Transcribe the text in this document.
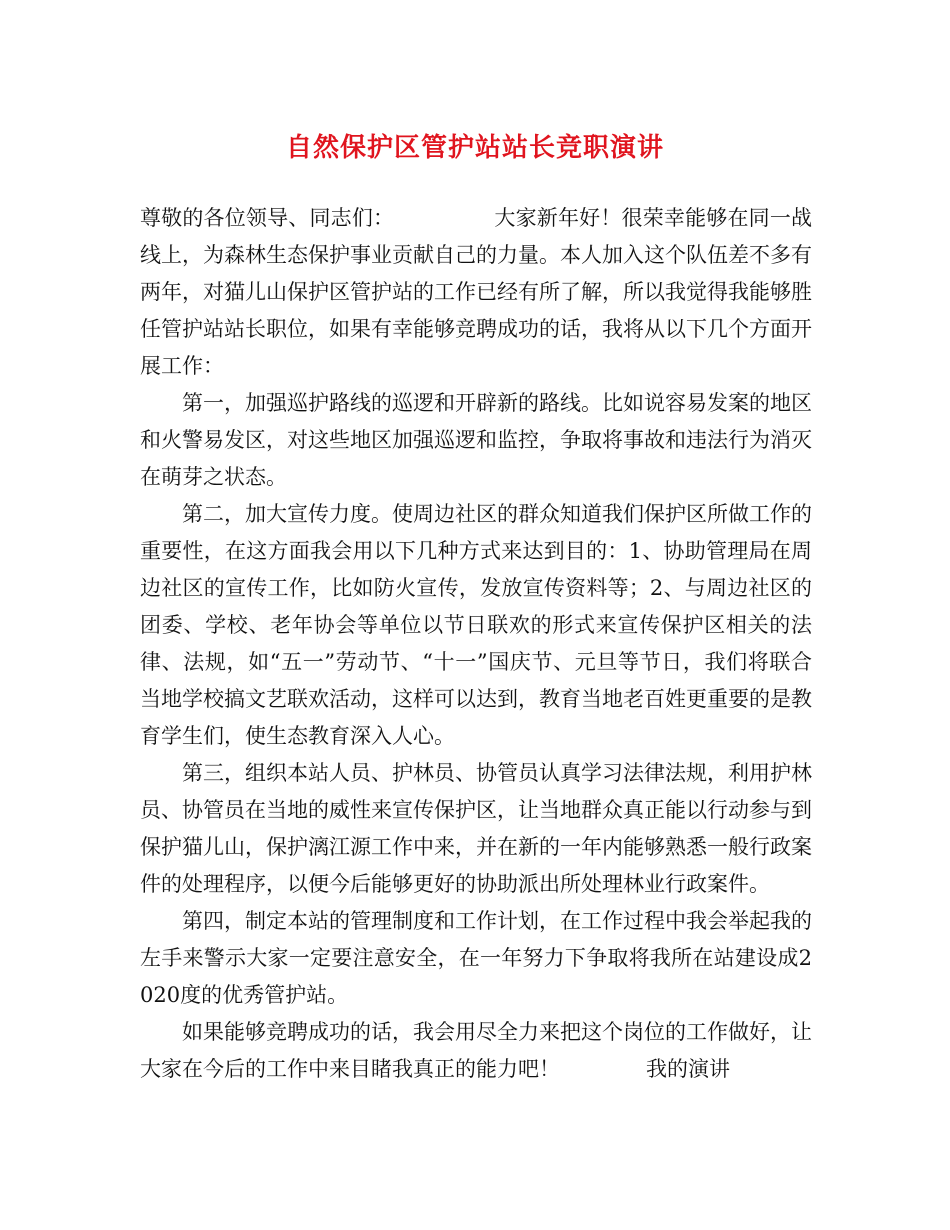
自然保护区管护站站长竞职演讲

尊敬的各位领导、同志们：	大家新年好！很荣幸能够在同一战线上，为森林生态保护事业贡献自己的力量。本人加入这个队伍差不多有两年，对猫儿山保护区管护站的工作已经有所了解，所以我觉得我能够胜任管护站站长职位，如果有幸能够竞聘成功的话，我将从以下几个方面开展工作：

第一，加强巡护路线的巡逻和开辟新的路线。比如说容易发案的地区和火警易发区，对这些地区加强巡逻和监控，争取将事故和违法行为消灭在萌芽之状态。

第二，加大宣传力度。使周边社区的群众知道我们保护区所做工作的重要性，在这方面我会用以下几种方式来达到目的：1、协助管理局在周边社区的宣传工作，比如防火宣传，发放宣传资料等；2、与周边社区的团委、学校、老年协会等单位以节日联欢的形式来宣传保护区相关的法律、法规，如“五一”劳动节、“十一”国庆节、元旦等节日，我们将联合当地学校搞文艺联欢活动，这样可以达到，教育当地老百姓更重要的是教育学生们，使生态教育深入人心。

第三，组织本站人员、护林员、协管员认真学习法律法规，利用护林员、协管员在当地的威性来宣传保护区，让当地群众真正能以行动参与到保护猫儿山，保护漓江源工作中来，并在新的一年内能够熟悉一般行政案件的处理程序，以便今后能够更好的协助派出所处理林业行政案件。

第四，制定本站的管理制度和工作计划，在工作过程中我会举起我的左手来警示大家一定要注意安全，在一年努力下争取将我所在站建设成2020度的优秀管护站。

如果能够竞聘成功的话，我会用尽全力来把这个岗位的工作做好，让大家在今后的工作中来目睹我真正的能力吧！	我的演讲
